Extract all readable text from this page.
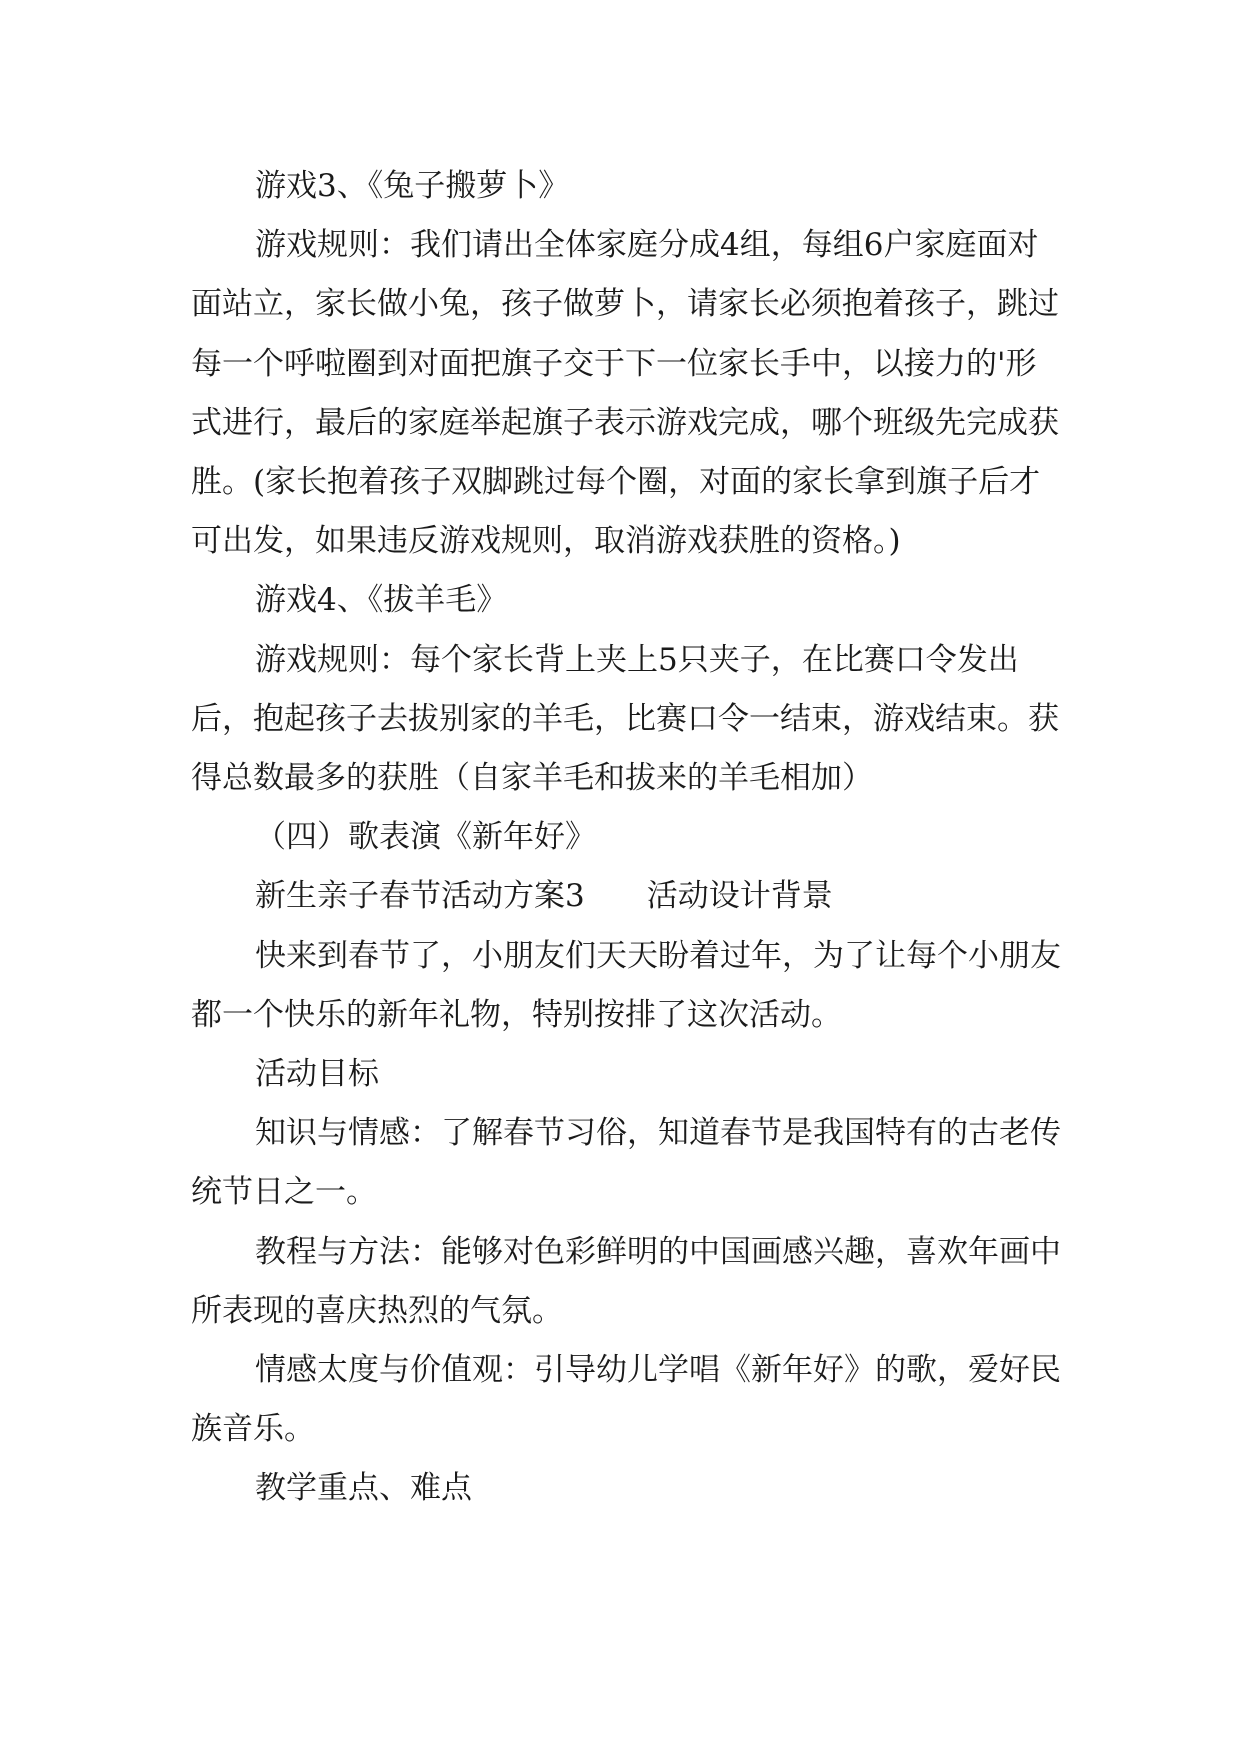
游戏3、《兔子搬萝卜》

游戏规则：我们请出全体家庭分成4组，每组6户家庭面对面站立，家长做小兔，孩子做萝卜，请家长必须抱着孩子，跳过每一个呼啦圈到对面把旗子交于下一位家长手中，以接力的'形式进行，最后的家庭举起旗子表示游戏完成，哪个班级先完成获胜。(家长抱着孩子双脚跳过每个圈，对面的家长拿到旗子后才可出发，如果违反游戏规则，取消游戏获胜的资格。)

游戏4、《拔羊毛》

游戏规则：每个家长背上夹上5只夹子，在比赛口令发出后，抱起孩子去拔别家的羊毛，比赛口令一结束，游戏结束。获得总数最多的获胜（自家羊毛和拔来的羊毛相加）

（四）歌表演《新年好》

新生亲子春节活动方案3　　活动设计背景

快来到春节了，小朋友们天天盼着过年，为了让每个小朋友都一个快乐的新年礼物，特别按排了这次活动。

活动目标

知识与情感：了解春节习俗，知道春节是我国特有的古老传统节日之一。

教程与方法：能够对色彩鲜明的中国画感兴趣，喜欢年画中所表现的喜庆热烈的气氛。

情感太度与价值观：引导幼儿学唱《新年好》的歌，爱好民族音乐。

教学重点、难点
